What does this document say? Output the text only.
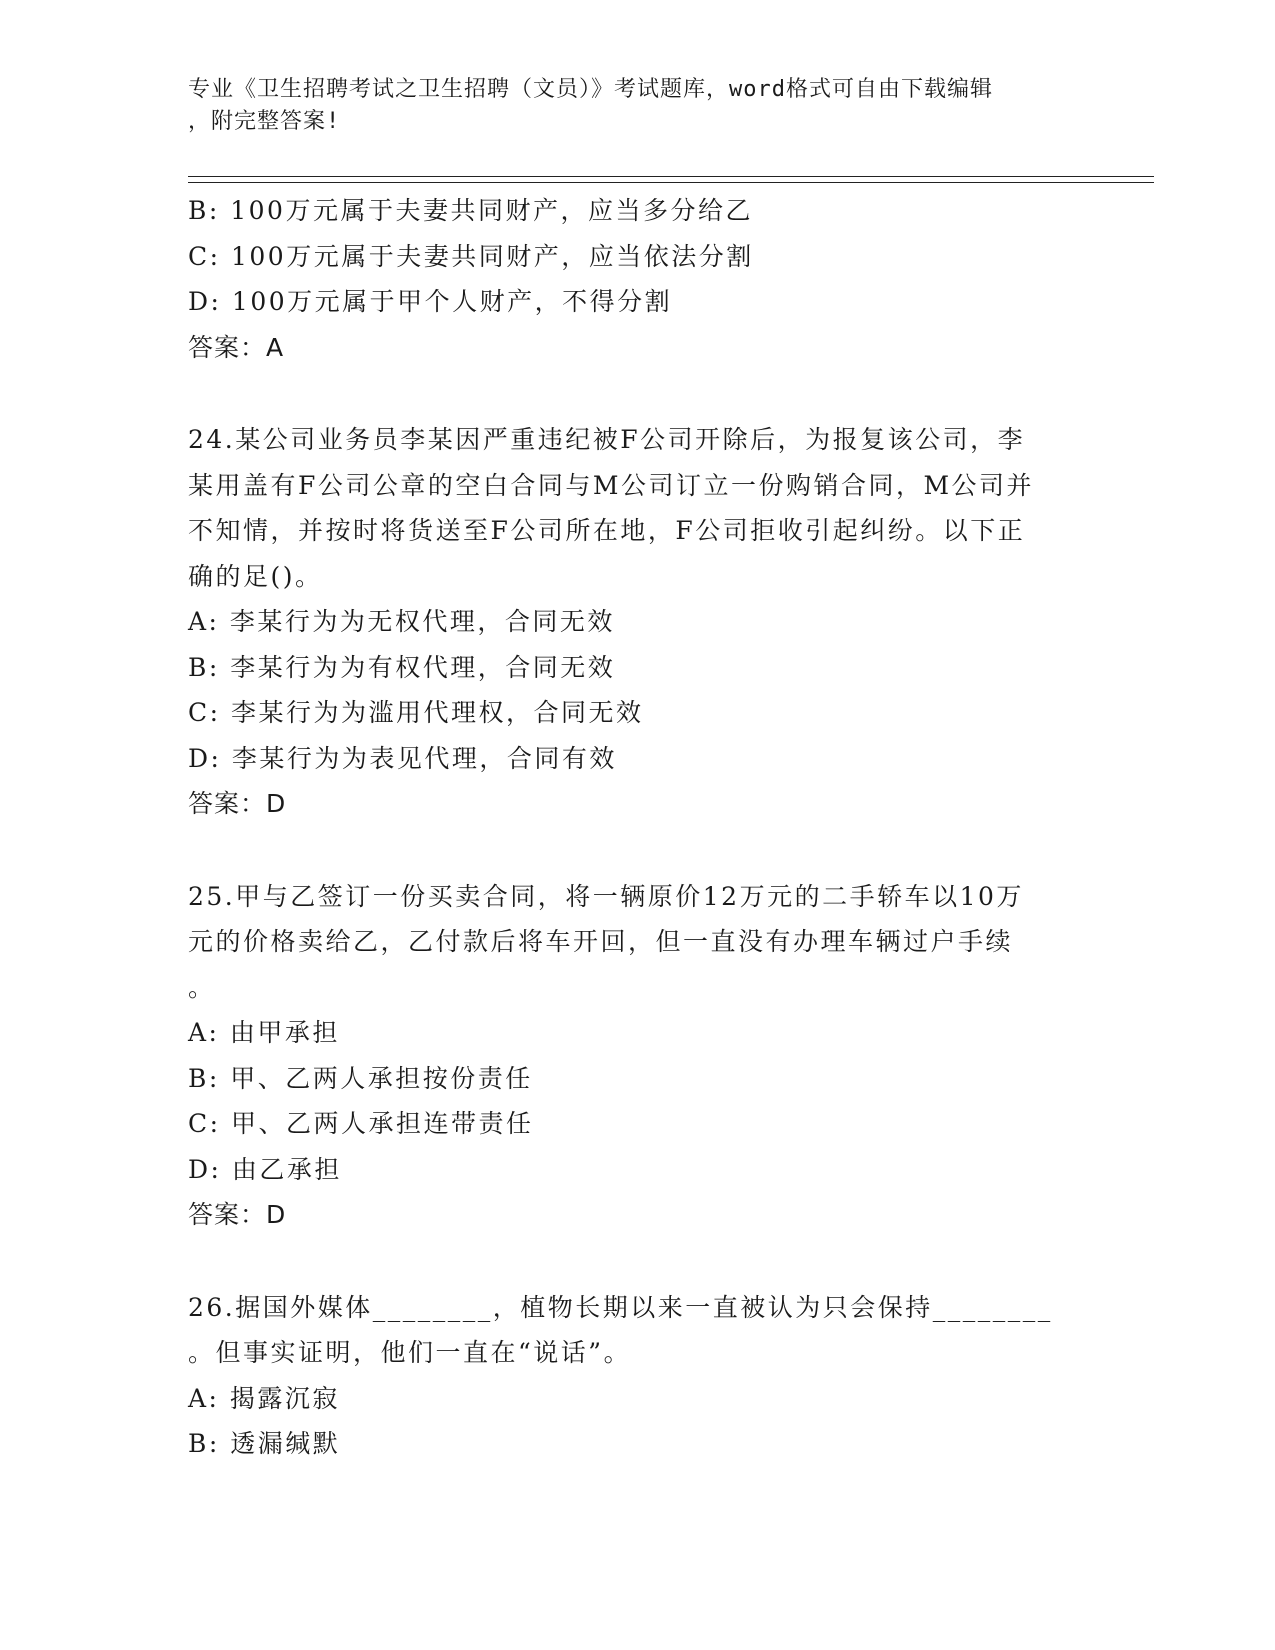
专业《卫生招聘考试之卫生招聘（文员）》考试题库，word格式可自由下载编辑
，附完整答案!
B: 100万元属于夫妻共同财产，应当多分给乙
C: 100万元属于夫妻共同财产，应当依法分割
D: 100万元属于甲个人财产，不得分割
答案：A
24.某公司业务员李某因严重违纪被F公司开除后，为报复该公司，李
某用盖有F公司公章的空白合同与M公司订立一份购销合同，M公司并
不知情，并按时将货送至F公司所在地，F公司拒收引起纠纷。以下正
确的足()。
A: 李某行为为无权代理，合同无效
B: 李某行为为有权代理，合同无效
C: 李某行为为滥用代理权，合同无效
D: 李某行为为表见代理，合同有效
答案：D
25.甲与乙签订一份买卖合同，将一辆原价12万元的二手轿车以10万
元的价格卖给乙，乙付款后将车开回，但一直没有办理车辆过户手续
。
A: 由甲承担
B: 甲、乙两人承担按份责任
C: 甲、乙两人承担连带责任
D: 由乙承担
答案：D
26.据国外媒体________，植物长期以来一直被认为只会保持________
。但事实证明，他们一直在“说话”。
A: 揭露沉寂
B: 透漏缄默
